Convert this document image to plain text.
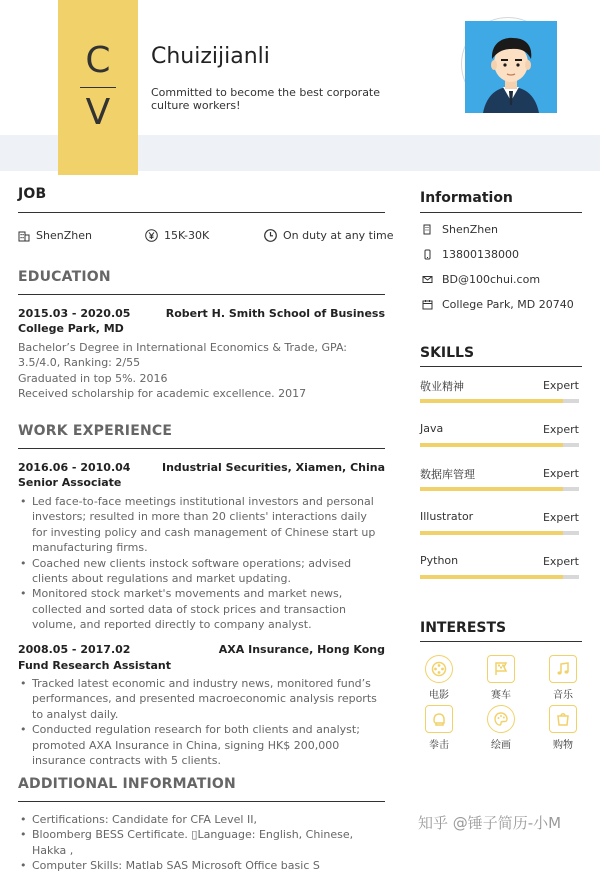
C
V
Chuizijianli
Committed to become the best corporate culture workers!
JOB
ShenZhen	15K-30K	On duty at any time
EDUCATION
2015.03 - 2020.05	Robert H. Smith School of Business
College Park, MD
Bachelor’s Degree in International Economics & Trade, GPA: 3.5/4.0, Ranking: 2/55
Graduated in top 5%. 2016
Received scholarship for academic excellence. 2017
WORK EXPERIENCE
2016.06 - 2010.04	Industrial Securities, Xiamen, China
Senior Associate
• Led face-to-face meetings institutional investors and personal investors; resulted in more than 20 clients' interactions daily for investing policy and cash management of Chinese start up manufacturing firms.
• Coached new clients instock software operations; advised clients about regulations and market updating.
• Monitored stock market's movements and market news, collected and sorted data of stock prices and transaction volume, and reported directly to company analyst.
2008.05 - 2017.02	AXA Insurance, Hong Kong
Fund Research Assistant
• Tracked latest economic and industry news, monitored fund’s performances, and presented macroeconomic analysis reports to analyst daily.
• Conducted regulation research for both clients and analyst; promoted AXA Insurance in China, signing HK$ 200,000 insurance contracts with 5 clients.
ADDITIONAL INFORMATION
• Certifications: Candidate for CFA Level II,
• Bloomberg BESS Certificate. ▯Language: English, Chinese, Hakka ,
• Computer Skills: Matlab SAS Microsoft Office basic S
Information
ShenZhen
13800138000
BD@100chui.com
College Park, MD 20740
SKILLS
敬业精神	Expert
Java	Expert
数据库管理	Expert
Illustrator	Expert
Python	Expert
INTERESTS
电影	赛车	音乐
拳击	绘画	购物
知乎 @锤子简历-小M
